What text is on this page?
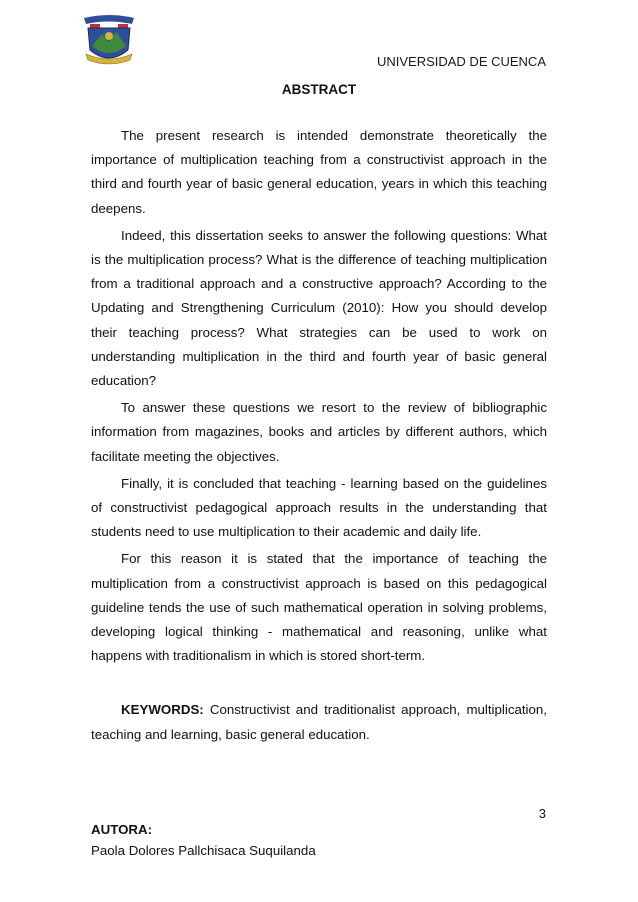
UNIVERSIDAD DE CUENCA
ABSTRACT

The present research is intended demonstrate theoretically the importance of multiplication teaching from a constructivist approach in the third and fourth year of basic general education, years in which this teaching deepens.

Indeed, this dissertation seeks to answer the following questions: What is the multiplication process? What is the difference of teaching multiplication from a traditional approach and a constructive approach? According to the Updating and Strengthening Curriculum (2010): How you should develop their teaching process? What strategies can be used to work on understanding multiplication in the third and fourth year of basic general education?

To answer these questions we resort to the review of bibliographic information from magazines, books and articles by different authors, which facilitate meeting the objectives.

Finally, it is concluded that teaching - learning based on the guidelines of constructivist pedagogical approach results in the understanding that students need to use multiplication to their academic and daily life.

For this reason it is stated that the importance of teaching the multiplication from a constructivist approach is based on this pedagogical guideline tends the use of such mathematical operation in solving problems, developing logical thinking - mathematical and reasoning, unlike what happens with traditionalism in which is stored short-term.

KEYWORDS: Constructivist and traditionalist approach, multiplication, teaching and learning, basic general education.

3
AUTORA:
Paola Dolores Pallchisaca Suquilanda
